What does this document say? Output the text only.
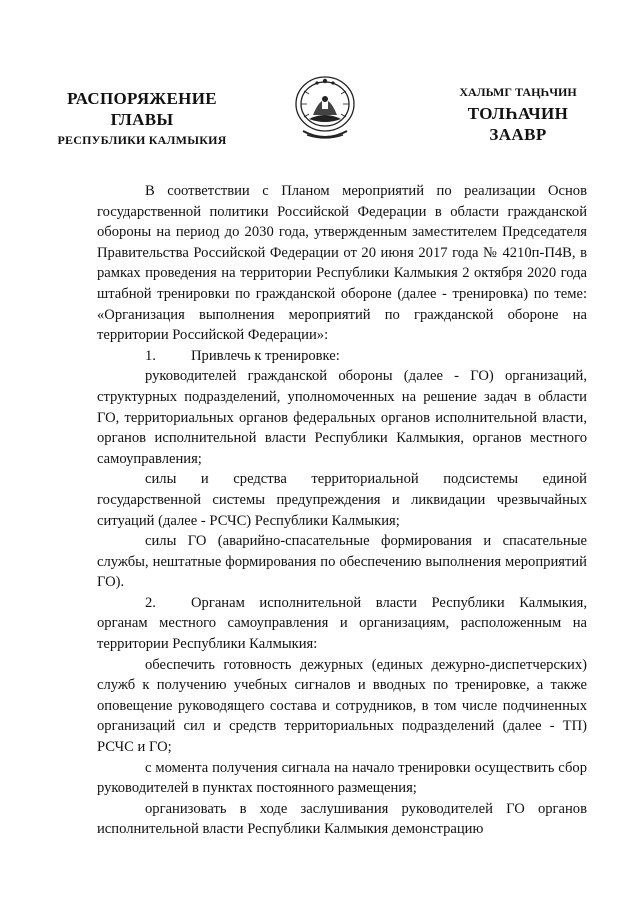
РАСПОРЯЖЕНИЕ
ГЛАВЫ
РЕСПУБЛИКИ КАЛМЫКИЯ
ХАЛЬМГ ТАҢҺЧИН
ТОЛҺАЧИН
ЗААВР

В соответствии с Планом мероприятий по реализации Основ государственной политики Российской Федерации в области гражданской обороны на период до 2030 года, утвержденным заместителем Председателя Правительства Российской Федерации от 20 июня 2017 года № 4210п-П4В, в рамках проведения на территории Республики Калмыкия 2 октября 2020 года штабной тренировки по гражданской обороне (далее - тренировка) по теме: «Организация выполнения мероприятий по гражданской обороне на территории Российской Федерации»:

1. Привлечь к тренировке:

руководителей гражданской обороны (далее - ГО) организаций, структурных подразделений, уполномоченных на решение задач в области ГО, территориальных органов федеральных органов исполнительной власти, органов исполнительной власти Республики Калмыкия, органов местного самоуправления;

силы и средства территориальной подсистемы единой государственной системы предупреждения и ликвидации чрезвычайных ситуаций (далее - РСЧС) Республики Калмыкия;

силы ГО (аварийно-спасательные формирования и спасательные службы, нештатные формирования по обеспечению выполнения мероприятий ГО).

2. Органам исполнительной власти Республики Калмыкия, органам местного самоуправления и организациям, расположенным на территории Республики Калмыкия:

обеспечить готовность дежурных (единых дежурно-диспетчерских) служб к получению учебных сигналов и вводных по тренировке, а также оповещение руководящего состава и сотрудников, в том числе подчиненных организаций сил и средств территориальных подразделений (далее - ТП) РСЧС и ГО;

с момента получения сигнала на начало тренировки осуществить сбор руководителей в пунктах постоянного размещения;

организовать в ходе заслушивания руководителей ГО органов исполнительной власти Республики Калмыкия демонстрацию
